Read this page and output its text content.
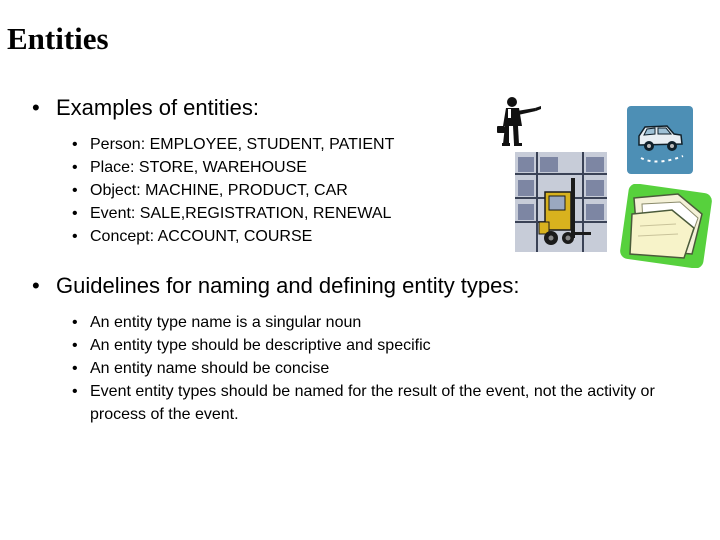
Entities

• Examples of entities:

• Person: EMPLOYEE, STUDENT, PATIENT
• Place: STORE, WAREHOUSE
• Object: MACHINE, PRODUCT, CAR
• Event: SALE,REGISTRATION, RENEWAL
• Concept: ACCOUNT, COURSE

• Guidelines for naming and defining entity types:

• An entity type name is a singular noun
• An entity type should be descriptive and specific
• An entity name should be concise
• Event entity types should be named for the result of the event, not the activity or process of the event.
